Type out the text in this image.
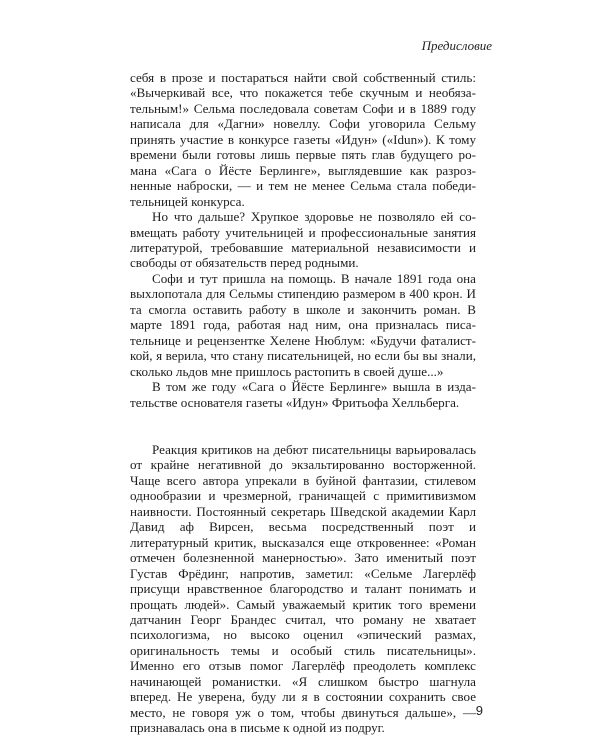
Предисловие

себя в прозе и постараться найти свой собственный стиль: «Вычеркивай все, что покажется тебе скучным и необязательным!» Сельма последовала советам Софи и в 1889 году написала для «Дагни» новеллу. Софи уговорила Сельму принять участие в конкурсе газеты «Идун» («Idun»). К тому времени были готовы лишь первые пять глав будущего романа «Сага о Йёсте Берлинге», выглядевшие как разрозненные наброски, — и тем не менее Сельма стала победительницей конкурса.

Но что дальше? Хрупкое здоровье не позволяло ей совмещать работу учительницей и профессиональные занятия литературой, требовавшие материальной независимости и свободы от обязательств перед родными.

Софи и тут пришла на помощь. В начале 1891 года она выхлопотала для Сельмы стипендию размером в 400 крон. И та смогла оставить работу в школе и закончить роман. В марте 1891 года, работая над ним, она призналась писательнице и рецензентке Хелене Нюблум: «Будучи фаталисткой, я верила, что стану писательницей, но если бы вы знали, сколько льдов мне пришлось растопить в своей душе...»

В том же году «Сага о Йёсте Берлинге» вышла в издательстве основателя газеты «Идун» Фритьофа Хелльберга.

Реакция критиков на дебют писательницы варьировалась от крайне негативной до экзальтированно восторженной. Чаще всего автора упрекали в буйной фантазии, стилевом однообразии и чрезмерной, граничащей с примитивизмом наивности. Постоянный секретарь Шведской академии Карл Давид аф Вирсен, весьма посредственный поэт и литературный критик, высказался еще откровеннее: «Роман отмечен болезненной манерностью». Зато именитый поэт Густав Фрёдинг, напротив, заметил: «Сельме Лагерлёф присущи нравственное благородство и талант понимать и прощать людей». Самый уважаемый критик того времени датчанин Георг Брандес считал, что роману не хватает психологизма, но высоко оценил «эпический размах, оригинальность темы и особый стиль писательницы». Именно его отзыв помог Лагерлёф преодолеть комплекс начинающей романистки. «Я слишком быстро шагнула вперед. Не уверена, буду ли я в состоянии сохранить свое место, не говоря уж о том, чтобы двинуться дальше», — признавалась она в письме к одной из подруг.

9
